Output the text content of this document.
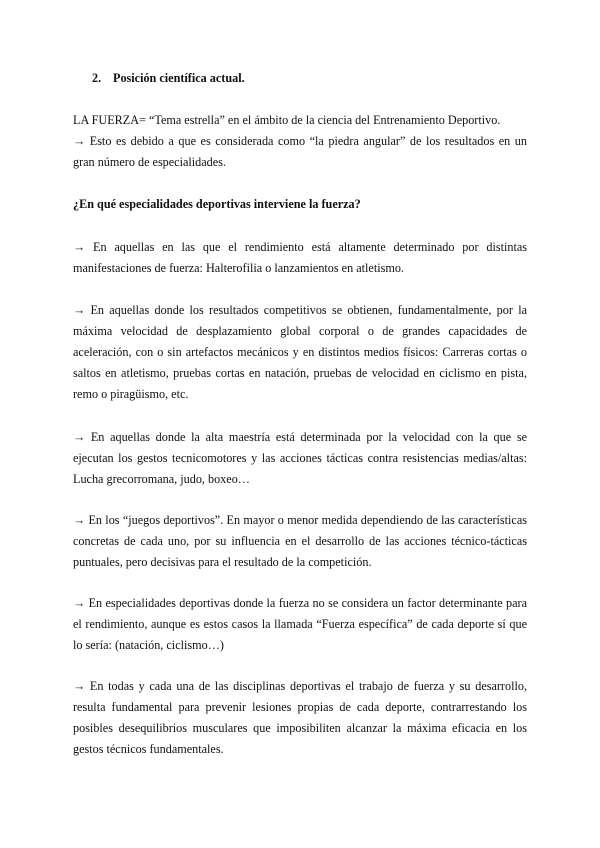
2. Posición científica actual.
LA FUERZA= “Tema estrella” en el ámbito de la ciencia del Entrenamiento Deportivo.
→ Esto es debido a que es considerada como “la piedra angular” de los resultados en un gran número de especialidades.
¿En qué especialidades deportivas interviene la fuerza?
→ En aquellas en las que el rendimiento está altamente determinado por distintas manifestaciones de fuerza: Halterofilia o lanzamientos en atletismo.
→ En aquellas donde los resultados competitivos se obtienen, fundamentalmente, por la máxima velocidad de desplazamiento global corporal o de grandes capacidades de aceleración, con o sin artefactos mecánicos y en distintos medios físicos: Carreras cortas o saltos en atletismo, pruebas cortas en natación, pruebas de velocidad en ciclismo en pista, remo o piragüismo, etc.
→ En aquellas donde la alta maestría está determinada por la velocidad con la que se ejecutan los gestos tecnicomotores y las acciones tácticas contra resistencias medias/altas: Lucha grecorromana, judo, boxeo…
→ En los “juegos deportivos”. En mayor o menor medida dependiendo de las características concretas de cada uno, por su influencia en el desarrollo de las acciones técnico-tácticas puntuales, pero decisivas para el resultado de la competición.
→ En especialidades deportivas donde la fuerza no se considera un factor determinante para el rendimiento, aunque es estos casos la llamada “Fuerza específica” de cada deporte sí que lo sería: (natación, ciclismo…)
→ En todas y cada una de las disciplinas deportivas el trabajo de fuerza y su desarrollo, resulta fundamental para prevenir lesiones propias de cada deporte, contrarrestando los posibles desequilibrios musculares que imposibiliten alcanzar la máxima eficacia en los gestos técnicos fundamentales.
